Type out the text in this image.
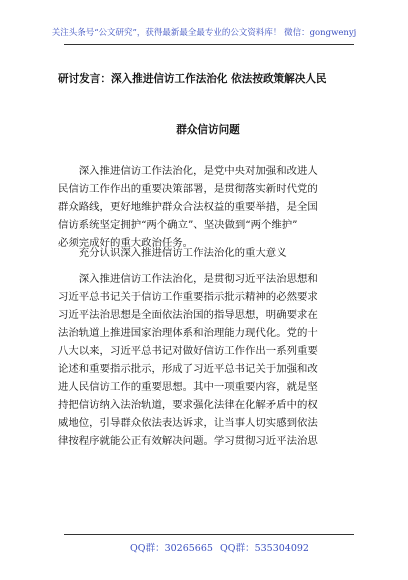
关注头条号“公文研究”，获得最新最全最专业的公文资料库！ 微信：gongwenyj
研讨发言：深入推进信访工作法治化 依法按政策解决人民
群众信访问题
　　深入推进信访工作法治化，是党中央对加强和改进人
民信访工作作出的重要决策部署，是贯彻落实新时代党的
群众路线，更好地维护群众合法权益的重要举措，是全国
信访系统坚定拥护“两个确立”、坚决做到“两个维护”
必须完成好的重大政治任务。
　　充分认识深入推进信访工作法治化的重大意义
　　深入推进信访工作法治化，是贯彻习近平法治思想和
习近平总书记关于信访工作重要指示批示精神的必然要求
习近平法治思想是全面依法治国的指导思想，明确要求在
法治轨道上推进国家治理体系和治理能力现代化。党的十
八大以来，习近平总书记对做好信访工作作出一系列重要
论述和重要指示批示，形成了习近平总书记关于加强和改
进人民信访工作的重要思想。其中一项重要内容，就是坚
持把信访纳入法治轨道，要求强化法律在化解矛盾中的权
威地位，引导群众依法表达诉求，让当事人切实感到依法
律按程序就能公正有效解决问题。学习贯彻习近平法治思
QQ群：30265665 QQ群：535304092
